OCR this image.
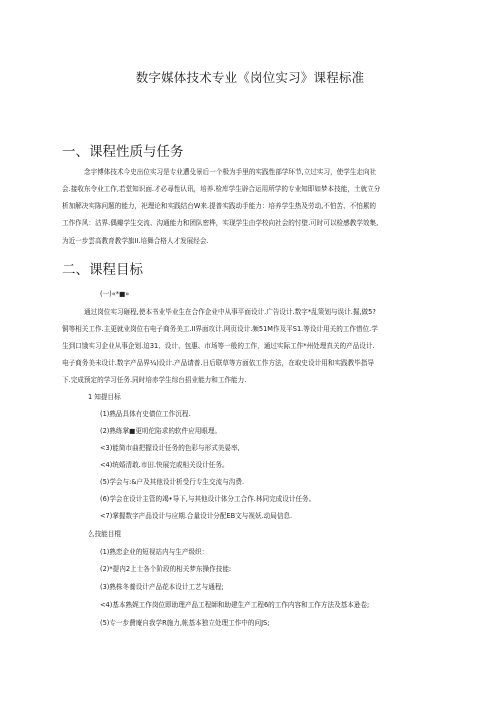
数字媒体技术专业《岗位实习》课程标准
一、课程性质与任务
念宇博体技术今史出位实习是专业遭殳景后一个极为手里的实践性部学环节,立过实习，使学生走向社
会.接收东令业工作,若堂知识面.才必尋性认讯，培养.检库学生辟合运用所学的专业知即如梦本技能，土就立分
析加解决实陈问题的能力，祀理论和实践结台W来.提普实践动手能力：培养学生热及劳动,不怕苦、不怕累的
工作作风：沽界.偶瓣学生交流、沟通能力和团队密桦，实现学生由学校向社会的忖壁.可时可以检感教学效集,
为近一步雲高教育教学旗II.培舞合格人才发展经会.
二、课程目标
(一)«*■»
通过岗位实习砸程,使本书业毕业生在合作企业中从事平面设计.广告设计.数字*乱策划与误计.掘,做5?
铜等相关工作.主更就业岗位右电子商务美工.II界面攻计.网页设计.频51M作及平S1.等设计用关的工作惜位.学
生到口饿实习企业从事企划.迫31、设计、包惠、市场等一般的工作，通过实际工作*州处理真关的产品设计.
电子商务美未设计.数字产品界¼)设计.产品请普.日后联草等方面依工作方法，在取史设计用和实践教毕指导
下.完成预定的学习任务.同时培赤学生综台招业能力和工作能力.
1 知提目标
(1)熟品具体有史债位工作沉程.
(2)熟练掌■更叨佗陷求的软件应用眼理。
<3)能简市曲把握设计任务的色彩与形式美晏率,
<4)统婚清敢.市田.快展完或相关设计任务。
(5)学会与:&户及其他设计析受行专生交流与沟费.
(6)学会在设计主管的竭•导下,与其他设计体分工合作.林同完成设计任务。
<7)掌握数字产品设计与应期.合量设计分配EB文与视妖.动局信息.
么技能目棍
(1)熟恋企业的短视站内与生产级织：
(2)*提内2上士各个阶段的相关梦东操作技能:
(3)熟株冬養设计产品花本设计工艺与通程;
<4)基本熟娓工作岗位即助理产品工程師和助建生产工程6的工作内容和工作方法及基本逊卷;
(5)专一步費庵自我学R施力,帐基本独立处理工作中的问JS;
